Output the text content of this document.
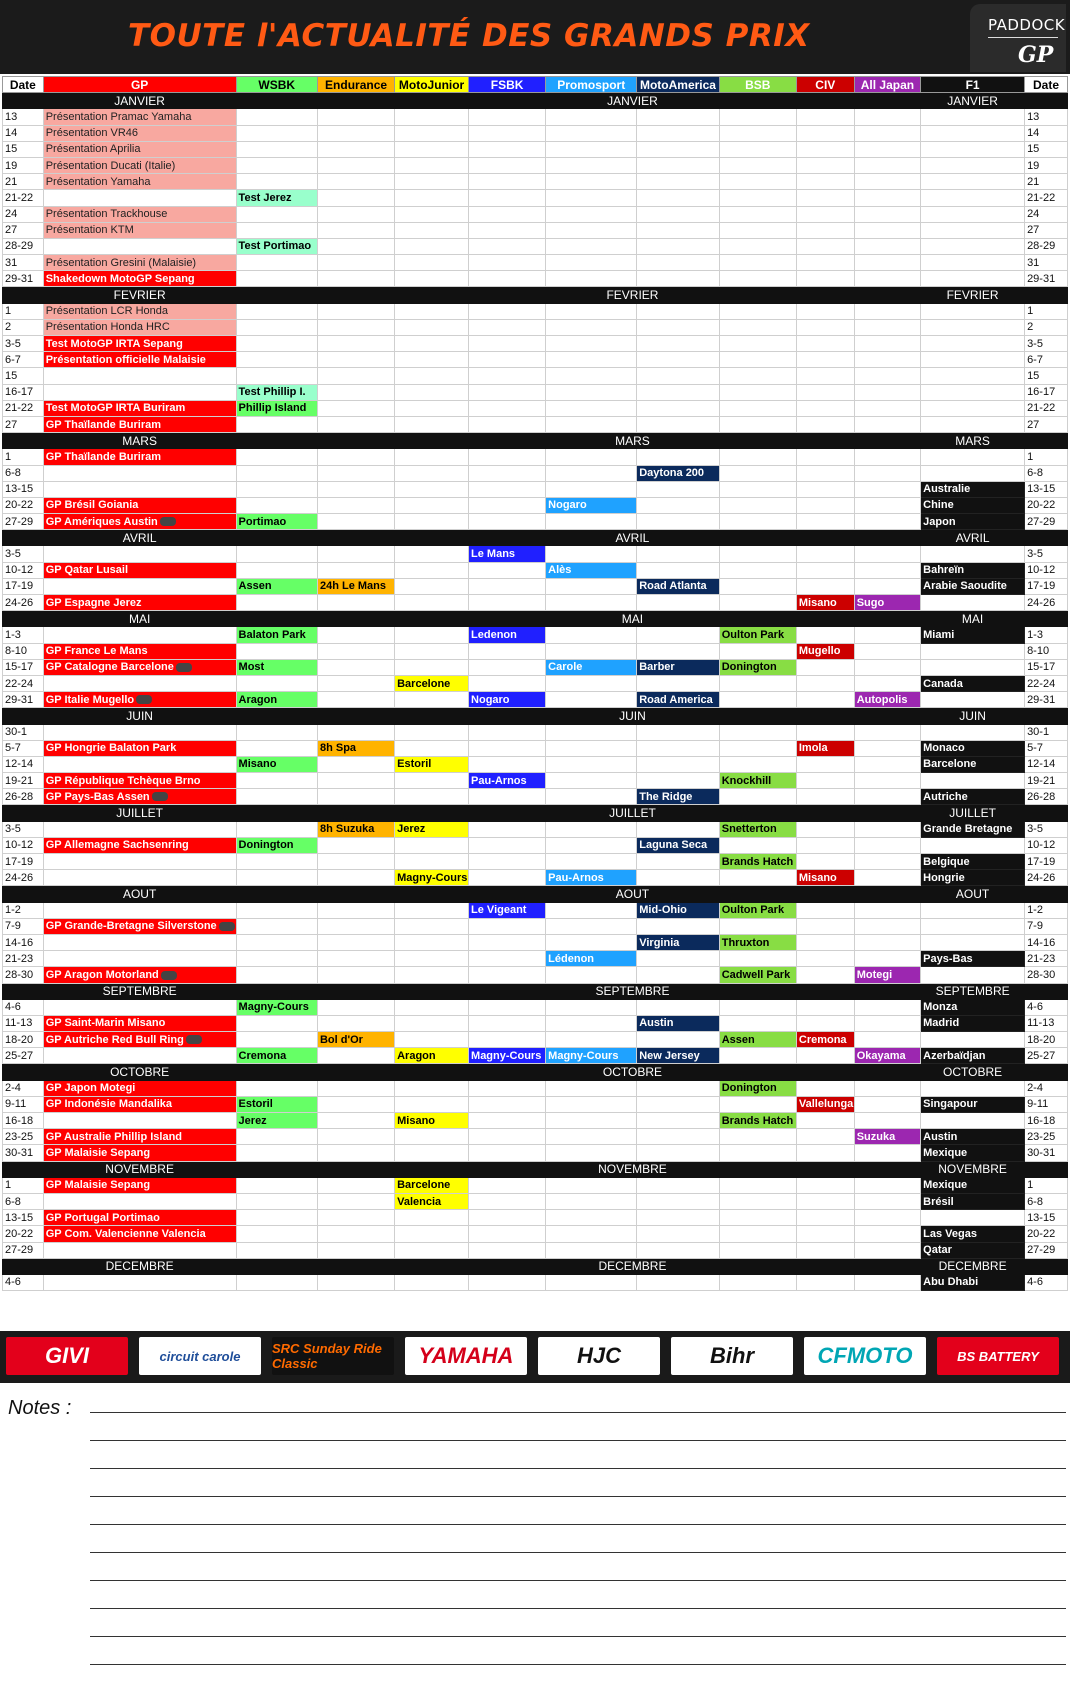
TOUTE l'ACTUALITÉ DES GRANDS PRIX	PADDOCK
GP
Date	GP	WSBK	Endurance	MotoJunior	FSBK	Promosport	MotoAmerica	BSB	CIV	All Japan	F1	Date
	JANVIER					JANVIER					JANVIER	
13	Présentation Pramac Yamaha											13
14	Présentation VR46											14
15	Présentation Aprilia											15
19	Présentation Ducati (Italie)											19
21	Présentation Yamaha											21
21-22		Test Jerez										21-22
24	Présentation Trackhouse											24
27	Présentation KTM											27
28-29		Test Portimao										28-29
31	Présentation Gresini (Malaisie)											31
29-31	Shakedown MotoGP Sepang											29-31
	FEVRIER					FEVRIER					FEVRIER	
1	Présentation LCR Honda											1
2	Présentation Honda HRC											2
3-5	Test MotoGP IRTA Sepang											3-5
6-7	Présentation officielle Malaisie											6-7
15												15
16-17		Test Phillip I.										16-17
21-22	Test MotoGP IRTA Buriram	Phillip Island										21-22
27	GP Thaïlande Buriram											27
	MARS					MARS					MARS	
1	GP Thaïlande Buriram											1
6-8							Daytona 200					6-8
13-15											Australie	13-15
20-22	GP Brésil Goiania					Nogaro					Chine	20-22
27-29	GP Amériques Austin	Portimao									Japon	27-29
	AVRIL					AVRIL					AVRIL	
3-5					Le Mans							3-5
10-12	GP Qatar Lusail					Alès					Bahreïn	10-12
17-19		Assen	24h Le Mans				Road Atlanta				Arabie Saoudite	17-19
24-26	GP Espagne Jerez								Misano	Sugo		24-26
	MAI					MAI					MAI	
1-3		Balaton Park			Ledenon			Oulton Park			Miami	1-3
8-10	GP France Le Mans								Mugello			8-10
15-17	GP Catalogne Barcelone	Most				Carole	Barber	Donington				15-17
22-24				Barcelone							Canada	22-24
29-31	GP Italie Mugello	Aragon			Nogaro		Road America			Autopolis		29-31
	JUIN					JUIN					JUIN	
30-1												30-1
5-7	GP Hongrie Balaton Park		8h Spa						Imola		Monaco	5-7
12-14		Misano		Estoril							Barcelone	12-14
19-21	GP République Tchèque Brno				Pau-Arnos			Knockhill				19-21
26-28	GP Pays-Bas Assen						The Ridge				Autriche	26-28
	JUILLET					JUILLET					JUILLET	
3-5			8h Suzuka	Jerez				Snetterton			Grande Bretagne	3-5
10-12	GP Allemagne Sachsenring	Donington					Laguna Seca					10-12
17-19								Brands Hatch			Belgique	17-19
24-26				Magny-Cours		Pau-Arnos			Misano		Hongrie	24-26
	AOUT					AOUT					AOUT	
1-2					Le Vigeant		Mid-Ohio	Oulton Park				1-2
7-9	GP Grande-Bretagne Silverstone											7-9
14-16							Virginia	Thruxton				14-16
21-23						Lédenon					Pays-Bas	21-23
28-30	GP Aragon Motorland							Cadwell Park		Motegi		28-30
	SEPTEMBRE					SEPTEMBRE					SEPTEMBRE	
4-6		Magny-Cours									Monza	4-6
11-13	GP Saint-Marin Misano						Austin				Madrid	11-13
18-20	GP Autriche Red Bull Ring		Bol d'Or					Assen	Cremona			18-20
25-27		Cremona		Aragon	Magny-Cours	Magny-Cours	New Jersey			Okayama	Azerbaïdjan	25-27
	OCTOBRE					OCTOBRE					OCTOBRE	
2-4	GP Japon Motegi							Donington				2-4
9-11	GP Indonésie Mandalika	Estoril							Vallelunga		Singapour	9-11
16-18		Jerez		Misano				Brands Hatch				16-18
23-25	GP Australie Phillip Island									Suzuka	Austin	23-25
30-31	GP Malaisie Sepang										Mexique	30-31
	NOVEMBRE					NOVEMBRE					NOVEMBRE	
1	GP Malaisie Sepang			Barcelone							Mexique	1
6-8				Valencia							Brésil	6-8
13-15	GP Portugal Portimao											13-15
20-22	GP Com. Valencienne Valencia										Las Vegas	20-22
27-29											Qatar	27-29
	DECEMBRE					DECEMBRE					DECEMBRE	
4-6											Abu Dhabi	4-6
GIVI	circuit carole	SRC Sunday Ride Classic	YAMAHA	HJC	Bihr	CFMOTO	BS BATTERY
Notes :
